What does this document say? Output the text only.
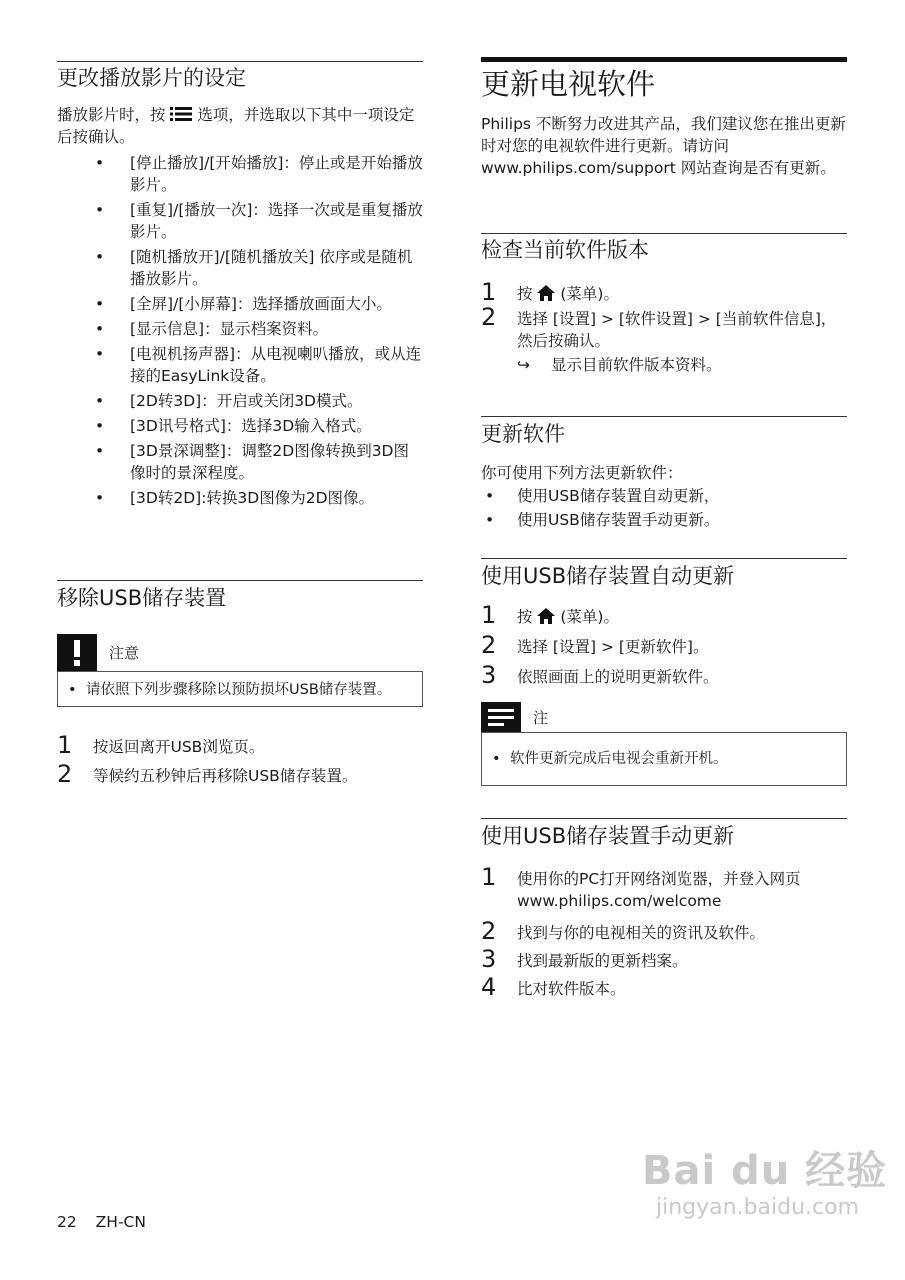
更改播放影片的设定

播放影片时，按  选项，并选取以下其中一项设定后按确认。

• [停止播放]/[开始播放]：停止或是开始播放影片。
• [重复]/[播放一次]：选择一次或是重复播放影片。
• [随机播放开]/[随机播放关] 依序或是随机播放影片。
• [全屏]/[小屏幕]：选择播放画面大小。
• [显示信息]：显示档案资料。
• [电视机扬声器]：从电视喇叭播放，或从连接的EasyLink设备。
• [2D转3D]：开启或关闭3D模式。
• [3D讯号格式]：选择3D输入格式。
• [3D景深调整]：调整2D图像转换到3D图像时的景深程度。
• [3D转2D]:转换3D图像为2D图像。
移除USB储存装置
注意
• 请依照下列步骤移除以预防损坏USB储存装置。
1	按返回离开USB浏览页。
2	等候约五秒钟后再移除USB储存装置。
更新电视软件

Philips 不断努力改进其产品，我们建议您在推出更新时对您的电视软件进行更新。请访问 www.philips.com/support 网站查询是否有更新。

检查当前软件版本
1	按  (菜单)。
2	选择 [设置] > [软件设置] > [当前软件信息]，然后按确认。
↪	显示目前软件版本资料。
更新软件

你可使用下列方法更新软件：

• 使用USB储存装置自动更新，
• 使用USB储存装置手动更新。
使用USB储存装置自动更新
1	按  (菜单)。
2	选择 [设置] > [更新软件]。
3	依照画面上的说明更新软件。
注
• 软件更新完成后电视会重新开机。
使用USB储存装置手动更新
1	使用你的PC打开网络浏览器，并登入网页www.philips.com/welcome
2	找到与你的电视相关的资讯及软件。
3	找到最新版的更新档案。
4	比对软件版本。
22 ZH-CN
Bai du 经验
jingyan.baidu.com
